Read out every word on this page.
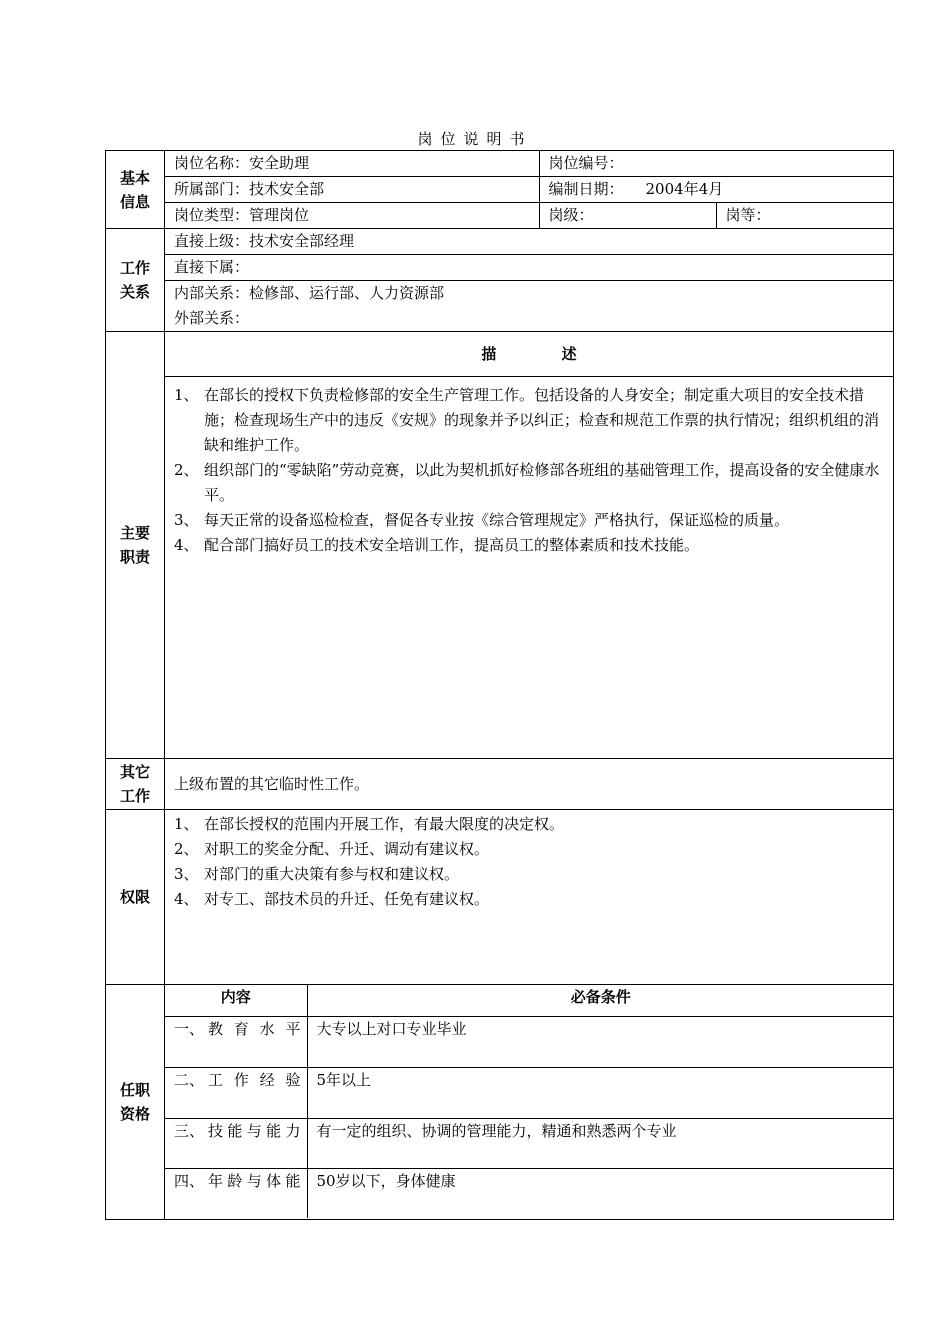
岗位说明书
基本信息

岗位名称：安全助理	岗位编号：
所属部门：技术安全部	编制日期： 2004年4月
岗位类型：管理岗位	岗级：	岗等：

工作关系

直接上级：技术安全部经理
直接下属：
内部关系：检修部、运行部、人力资源部
外部关系：

主要职责

描 述
1、 在部长的授权下负责检修部的安全生产管理工作。包括设备的人身安全；制定重大项目的安全技术措施；检查现场生产中的违反《安规》的现象并予以纠正；检查和规范工作票的执行情况；组织机组的消缺和维护工作。
2、 组织部门的“零缺陷”劳动竞赛，以此为契机抓好检修部各班组的基础管理工作，提高设备的安全健康水平。
3、 每天正常的设备巡检检查，督促各专业按《综合管理规定》严格执行，保证巡检的质量。
4、 配合部门搞好员工的技术安全培训工作，提高员工的整体素质和技术技能。

其它工作

上级布置的其它临时性工作。

权限	
1、 在部长授权的范围内开展工作，有最大限度的决定权。
2、 对职工的奖金分配、升迁、调动有建议权。
3、 对部门的重大决策有参与权和建议权。
4、 对专工、部技术员的升迁、任免有建议权。

任职资格

内容	必备条件

一、 教育水平	大专以上对口专业毕业

二、 工作经验	5年以上

三、 技能与能力	有一定的组织、协调的管理能力，精通和熟悉两个专业

四、 年龄与体能	50岁以下，身体健康
